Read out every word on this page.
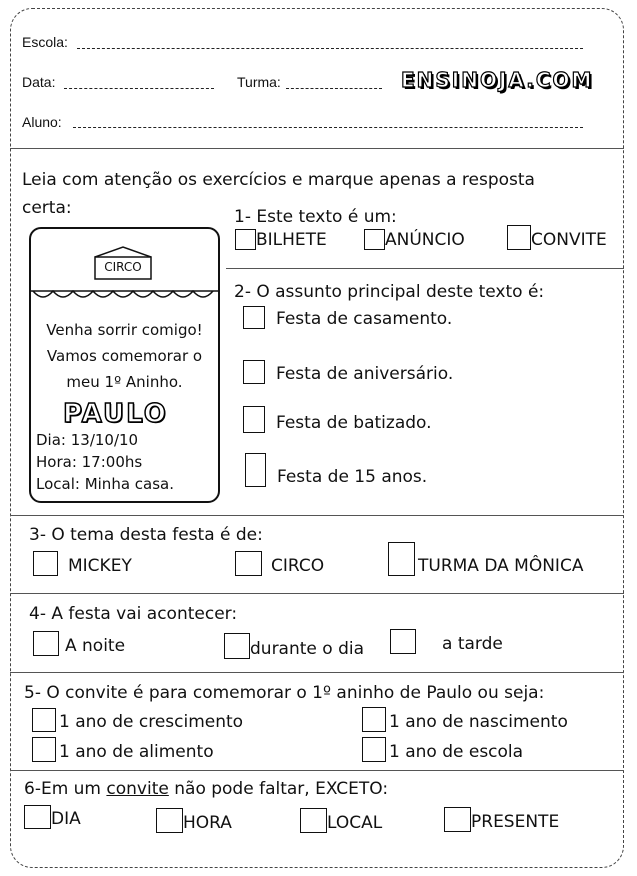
Escola:
Data:	Turma:	ENSINOJA.COM
Aluno:
Leia com atenção os exercícios e marque apenas a resposta
certa:
CIRCO
Venha sorrir comigo!
Vamos comemorar o
meu 1º Aninho.
PAULO
Dia: 13/10/10
Hora: 17:00hs
Local: Minha casa.
1- Este texto é um:
BILHETE	ANÚNCIO	CONVITE
2- O assunto principal deste texto é:
Festa de casamento.
Festa de aniversário.
Festa de batizado.
Festa de 15 anos.
3- O tema desta festa é de:
MICKEY	CIRCO	TURMA DA MÔNICA
4- A festa vai acontecer:
A noite	durante o dia	a tarde
5- O convite é para comemorar o 1º aninho de Paulo ou seja:
1 ano de crescimento	1 ano de nascimento
1 ano de alimento	1 ano de escola
6-Em um convite não pode faltar, EXCETO:
DIA	HORA	LOCAL	PRESENTE
